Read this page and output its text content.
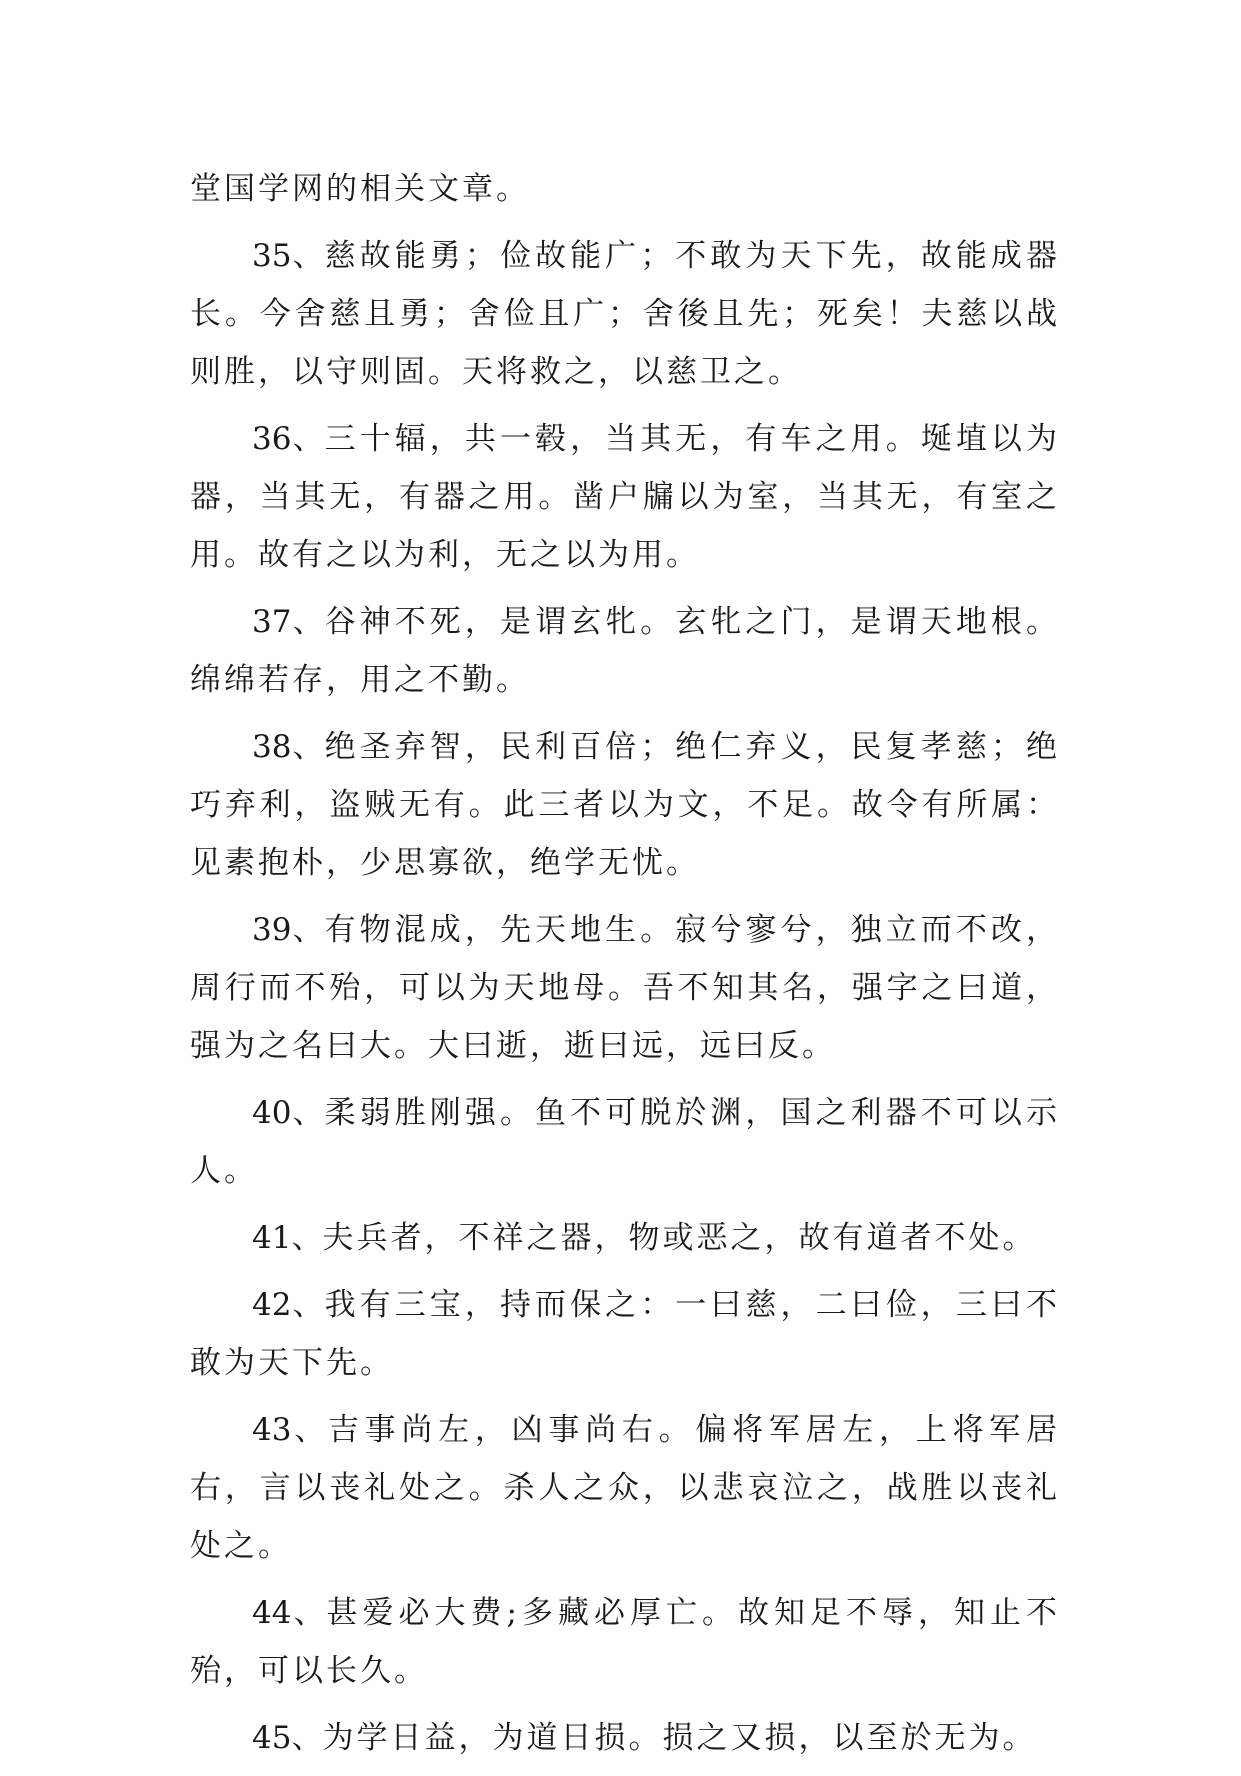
堂国学网的相关文章。

35、慈故能勇；俭故能广；不敢为天下先，故能成器长。今舍慈且勇；舍俭且广；舍後且先；死矣！夫慈以战则胜，以守则固。天将救之，以慈卫之。

36、三十辐，共一毂，当其无，有车之用。埏埴以为器，当其无，有器之用。凿户牖以为室，当其无，有室之用。故有之以为利，无之以为用。

37、谷神不死，是谓玄牝。玄牝之门，是谓天地根。绵绵若存，用之不勤。

38、绝圣弃智，民利百倍；绝仁弃义，民复孝慈；绝巧弃利，盗贼无有。此三者以为文，不足。故令有所属：见素抱朴，少思寡欲，绝学无忧。

39、有物混成，先天地生。寂兮寥兮，独立而不改，周行而不殆，可以为天地母。吾不知其名，强字之曰道，强为之名曰大。大曰逝，逝曰远，远曰反。

40、柔弱胜刚强。鱼不可脱於渊，国之利器不可以示人。

41、夫兵者，不祥之器，物或恶之，故有道者不处。

42、我有三宝，持而保之：一曰慈，二曰俭，三曰不敢为天下先。

43、吉事尚左，凶事尚右。偏将军居左，上将军居右，言以丧礼处之。杀人之众，以悲哀泣之，战胜以丧礼处之。

44、甚爱必大费;多藏必厚亡。故知足不辱，知止不殆，可以长久。

45、为学日益，为道日损。损之又损，以至於无为。
